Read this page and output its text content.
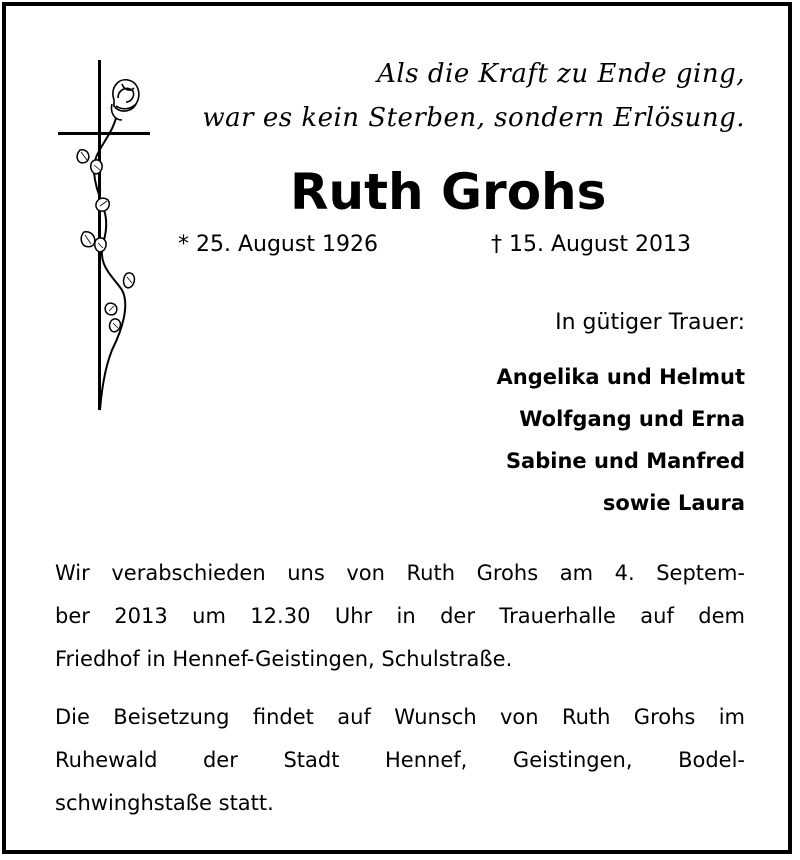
Als die Kraft zu Ende ging,
war es kein Sterben, sondern Erlösung.
Ruth Grohs
* 25. August 1926	† 15. August 2013
In gütiger Trauer:
Angelika und Helmut
Wolfgang und Erna
Sabine und Manfred
sowie Laura
Wir verabschieden uns von Ruth Grohs am 4. Septem-
ber 2013 um 12.30 Uhr in der Trauerhalle auf dem
Friedhof in Hennef-Geistingen, Schulstraße.
Die Beisetzung findet auf Wunsch von Ruth Grohs im
Ruhewald der Stadt Hennef, Geistingen, Bodel-
schwinghstaße statt.
